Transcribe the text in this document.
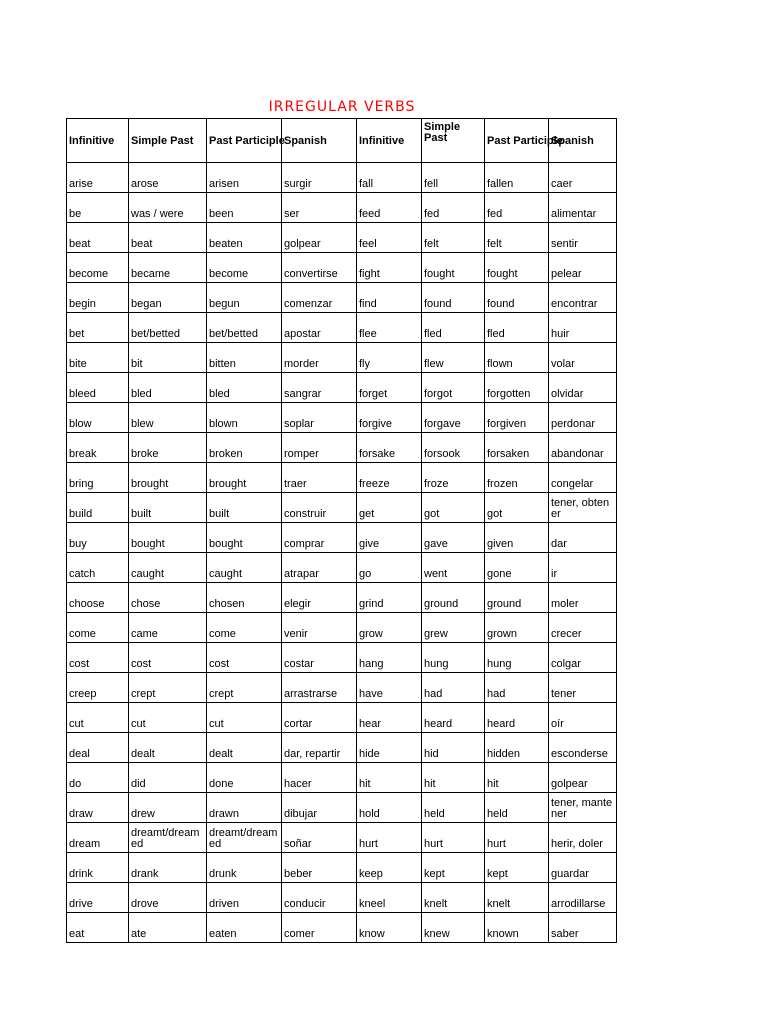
IRREGULAR VERBS
Infinitive	Simple Past	Past Participle	Spanish	Infinitive	Simple Past	Past Participle	Spanish
arise	arose	arisen	surgir	fall	fell	fallen	caer
be	was / were	been	ser	feed	fed	fed	alimentar
beat	beat	beaten	golpear	feel	felt	felt	sentir
become	became	become	convertirse	fight	fought	fought	pelear
begin	began	begun	comenzar	find	found	found	encontrar
bet	bet/betted	bet/betted	apostar	flee	fled	fled	huir
bite	bit	bitten	morder	fly	flew	flown	volar
bleed	bled	bled	sangrar	forget	forgot	forgotten	olvidar
blow	blew	blown	soplar	forgive	forgave	forgiven	perdonar
break	broke	broken	romper	forsake	forsook	forsaken	abandonar
bring	brought	brought	traer	freeze	froze	frozen	congelar
build	built	built	construir	get	got	got	tener, obtener
buy	bought	bought	comprar	give	gave	given	dar
catch	caught	caught	atrapar	go	went	gone	ir
choose	chose	chosen	elegir	grind	ground	ground	moler
come	came	come	venir	grow	grew	grown	crecer
cost	cost	cost	costar	hang	hung	hung	colgar
creep	crept	crept	arrastrarse	have	had	had	tener
cut	cut	cut	cortar	hear	heard	heard	oír
deal	dealt	dealt	dar, repartir	hide	hid	hidden	esconderse
do	did	done	hacer	hit	hit	hit	golpear
draw	drew	drawn	dibujar	hold	held	held	tener, mantener
dream	dreamt/dreamed	dreamt/dreamed	soñar	hurt	hurt	hurt	herir, doler
drink	drank	drunk	beber	keep	kept	kept	guardar
drive	drove	driven	conducir	kneel	knelt	knelt	arrodillarse
eat	ate	eaten	comer	know	knew	known	saber
